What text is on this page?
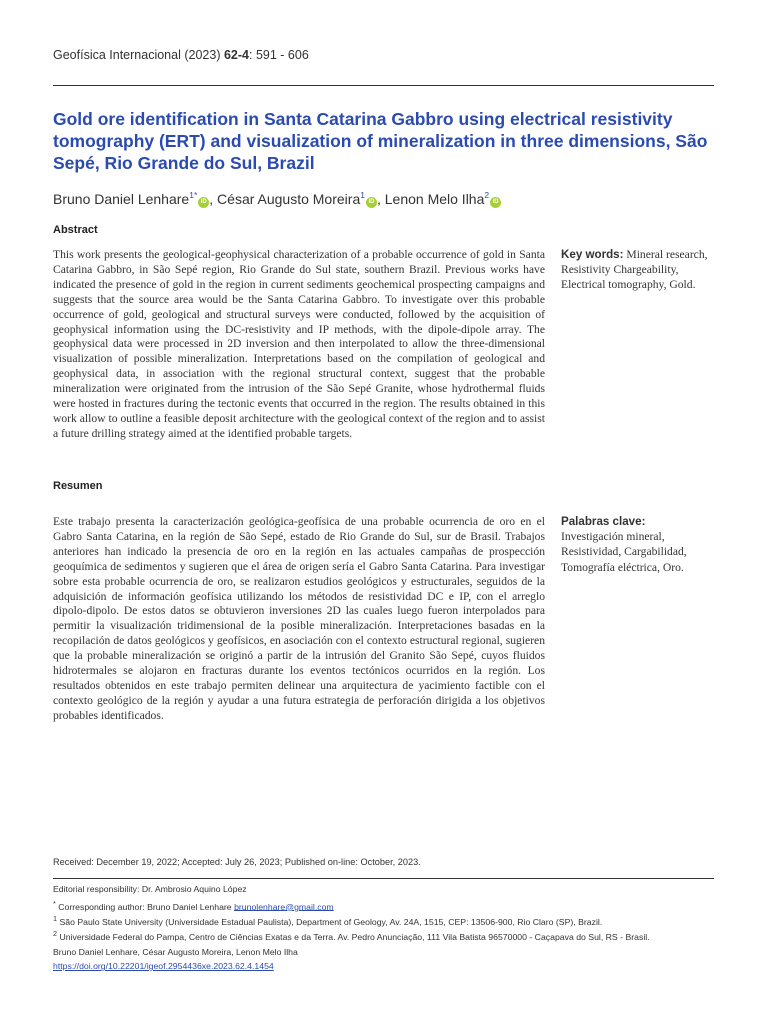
Geofísica Internacional (2023) 62-4: 591 - 606
Gold ore identification in Santa Catarina Gabbro using electrical resistivity tomography (ERT) and visualization of mineralization in three dimensions, São Sepé, Rio Grande do Sul, Brazil
Bruno Daniel Lenhare$^{1*}$iD , César Augusto Moreira$^1$iD , Lenon Melo Ilha$^2$iD
Abstract
This work presents the geological-geophysical characterization of a probable occurrence of gold in Santa Catarina Gabbro, in São Sepé region, Rio Grande do Sul state, southern Brazil. Previous works have indicated the presence of gold in the region in current sediments geochemical prospecting campaigns and suggests that the source area would be the Santa Catarina Gabbro. To investigate over this probable occurrence of gold, geological and structural surveys were conducted, followed by the acquisition of geophysical information using the DC-resistivity and IP methods, with the dipole-dipole array. The geophysical data were processed in 2D inversion and then interpolated to allow the three-dimensional visualization of possible mineralization. Interpretations based on the compilation of geological and geophysical data, in association with the regional structural context, suggest that the probable mineralization were originated from the intrusion of the São Sepé Granite, whose hydrothermal fluids were hosted in fractures during the tectonic events that occurred in the region. The results obtained in this work allow to outline a feasible deposit architecture with the geological context of the region and to assist a future drilling strategy aimed at the identified probable targets.
Key words: Mineral research, Resistivity Chargeability, Electrical tomography, Gold.
Resumen
Este trabajo presenta la caracterización geológica-geofísica de una probable ocurrencia de oro en el Gabro Santa Catarina, en la región de São Sepé, estado de Rio Grande do Sul, sur de Brasil. Trabajos anteriores han indicado la presencia de oro en la región en las actuales campañas de prospección geoquímica de sedimentos y sugieren que el área de origen sería el Gabro Santa Catarina. Para investigar sobre esta probable ocurrencia de oro, se realizaron estudios geológicos y estructurales, seguidos de la adquisición de información geofísica utilizando los métodos de resistividad DC e IP, con el arreglo dipolo-dipolo. De estos datos se obtuvieron inversiones 2D las cuales luego fueron interpolados para permitir la visualización tridimensional de la posible mineralización. Interpretaciones basadas en la recopilación de datos geológicos y geofísicos, en asociación con el contexto estructural regional, sugieren que la probable mineralización se originó a partir de la intrusión del Granito São Sepé, cuyos fluidos hidrotermales se alojaron en fracturas durante los eventos tectónicos ocurridos en la región. Los resultados obtenidos en este trabajo permiten delinear una arquitectura de yacimiento factible con el contexto geológico de la región y ayudar a una futura estrategia de perforación dirigida a los objetivos probables identificados.
Palabras clave:
Investigación mineral, Resistividad, Cargabilidad, Tomografía eléctrica, Oro.
Received: December 19, 2022; Accepted: July 26, 2023; Published on-line: October, 2023.
Editorial responsibility: Dr. Ambrosio Aquino López
* Corresponding author: Bruno Daniel Lenhare brunolenhare@gmail.com
$^1$ São Paulo State University (Universidade Estadual Paulista), Department of Geology, Av. 24A, 1515, CEP: 13506-900, Rio Claro (SP), Brazil.
$^2$ Universidade Federal do Pampa, Centro de Ciências Exatas e da Terra. Av. Pedro Anunciação, 111 Vila Batista 96570000 - Caçapava do Sul, RS - Brasil.
Bruno Daniel Lenhare, César Augusto Moreira, Lenon Melo Ilha
https://doi.org/10.22201/igeof.2954436xe.2023.62.4.1454
